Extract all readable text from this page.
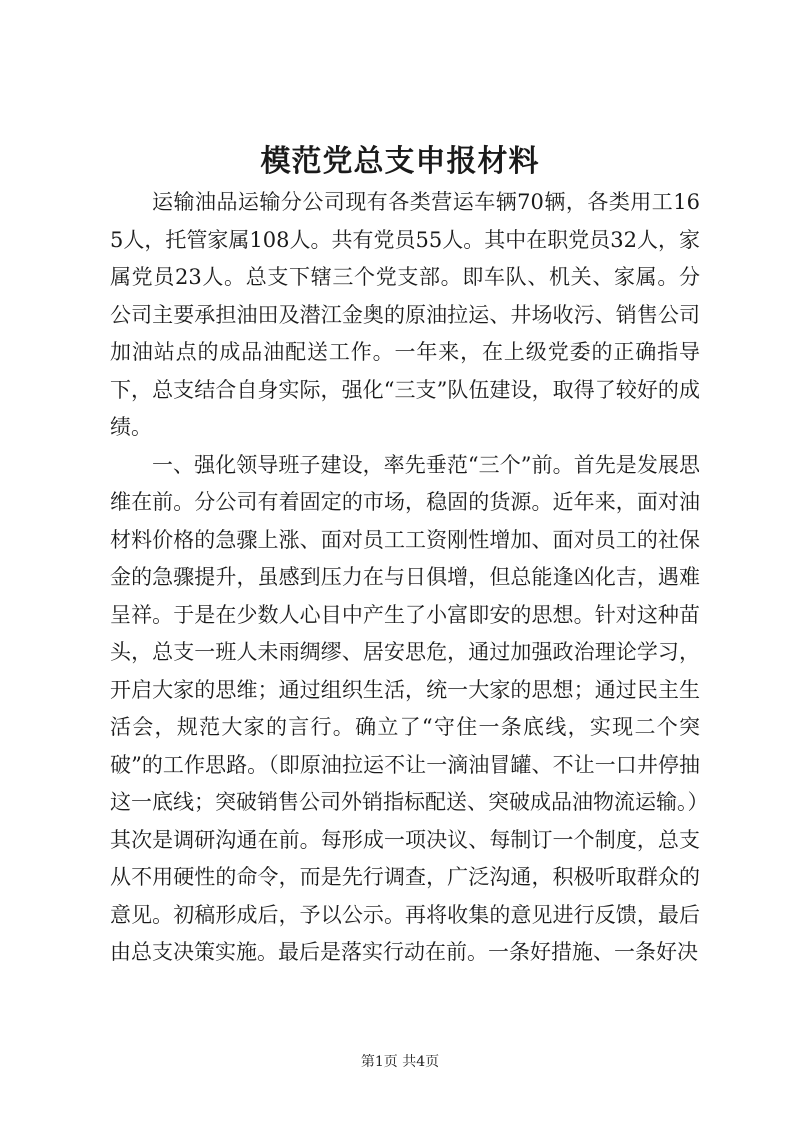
模范党总支申报材料

运输油品运输分公司现有各类营运车辆70辆，各类用工165人，托管家属108人。共有党员55人。其中在职党员32人，家属党员23人。总支下辖三个党支部。即车队、机关、家属。分公司主要承担油田及潜江金奥的原油拉运、井场收污、销售公司加油站点的成品油配送工作。一年来，在上级党委的正确指导下，总支结合自身实际，强化“三支”队伍建设，取得了较好的成绩。

一、强化领导班子建设，率先垂范“三个”前。首先是发展思维在前。分公司有着固定的市场，稳固的货源。近年来，面对油材料价格的急骤上涨、面对员工工资刚性增加、面对员工的社保金的急骤提升，虽感到压力在与日俱增，但总能逢凶化吉，遇难呈祥。于是在少数人心目中产生了小富即安的思想。针对这种苗头，总支一班人未雨绸缪、居安思危，通过加强政治理论学习，开启大家的思维；通过组织生活，统一大家的思想；通过民主生活会，规范大家的言行。确立了“守住一条底线，实现二个突破”的工作思路。（即原油拉运不让一滴油冒罐、不让一口井停抽这一底线；突破销售公司外销指标配送、突破成品油物流运输。）

其次是调研沟通在前。每形成一项决议、每制订一个制度，总支从不用硬性的命令，而是先行调查，广泛沟通，积极听取群众的意见。初稿形成后，予以公示。再将收集的意见进行反馈，最后由总支决策实施。最后是落实行动在前。一条好措施、一条好决

第1页 共4页
